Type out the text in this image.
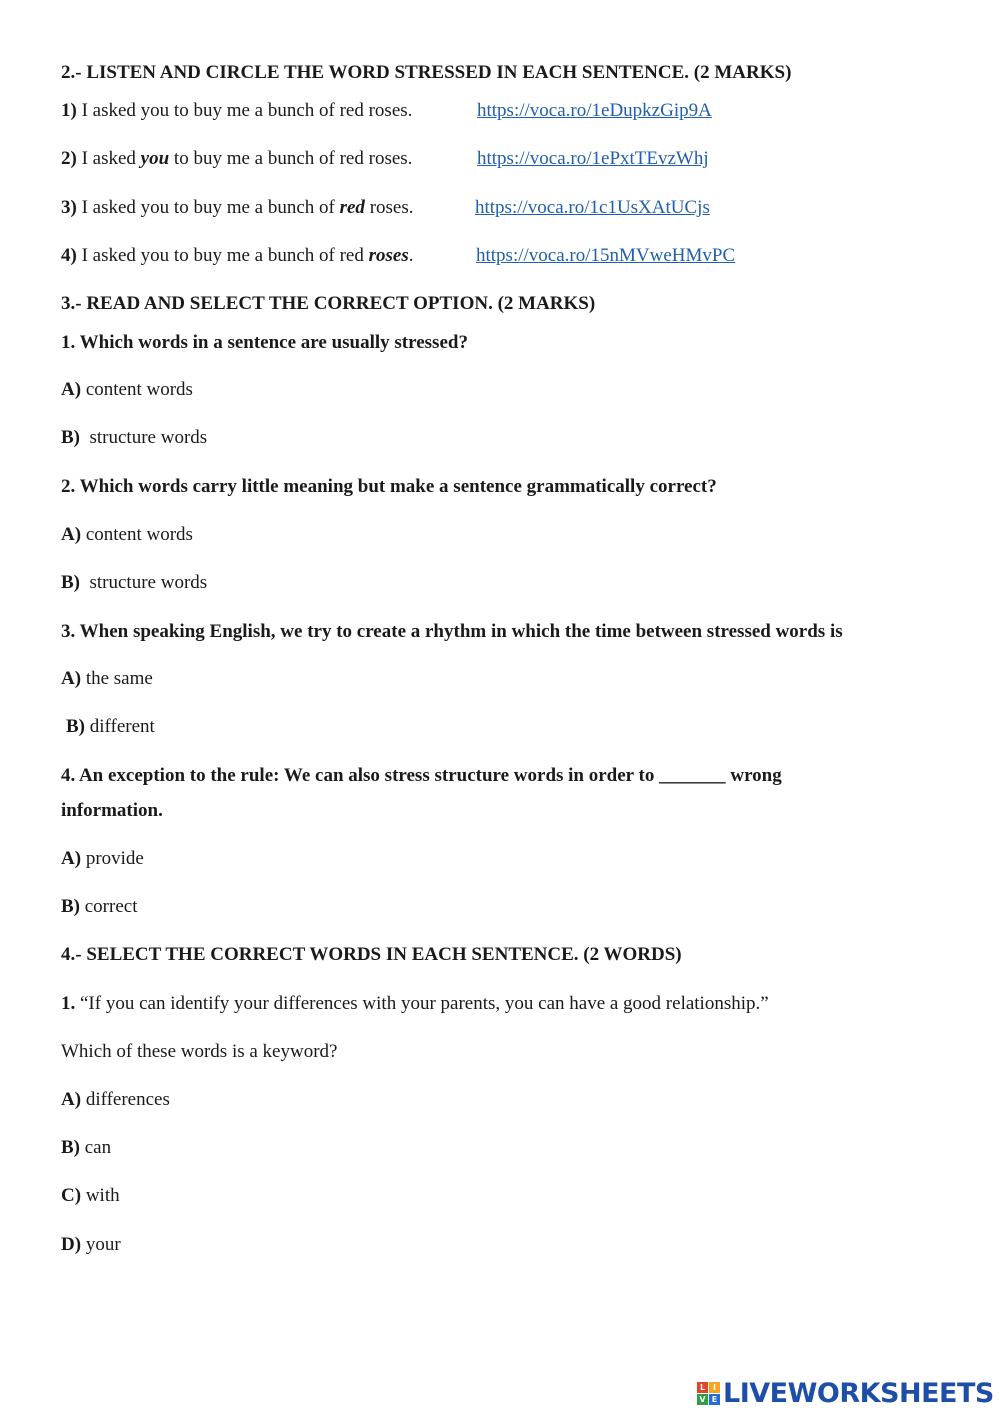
2.- LISTEN AND CIRCLE THE WORD STRESSED IN EACH SENTENCE. (2 MARKS)
1) I asked you to buy me a bunch of red roses.	https://voca.ro/1eDupkzGip9A
2) I asked you to buy me a bunch of red roses.	https://voca.ro/1ePxtTEvzWhj
3) I asked you to buy me a bunch of red roses.	https://voca.ro/1c1UsXAtUCjs
4) I asked you to buy me a bunch of red roses.	https://voca.ro/15nMVweHMvPC
3.- READ AND SELECT THE CORRECT OPTION. (2 MARKS)
1. Which words in a sentence are usually stressed?
A) content words
B)  structure words
2. Which words carry little meaning but make a sentence grammatically correct?
A) content words
B)  structure words
3. When speaking English, we try to create a rhythm in which the time between stressed words is
A) the same
B) different
4. An exception to the rule: We can also stress structure words in order to _______ wrong
information.
A) provide
B) correct
4.- SELECT THE CORRECT WORDS IN EACH SENTENCE. (2 WORDS)
1. “If you can identify your differences with your parents, you can have a good relationship.”
Which of these words is a keyword?
A) differences
B) can
C) with
D) your
L I
V E LIVEWORKSHEETS
